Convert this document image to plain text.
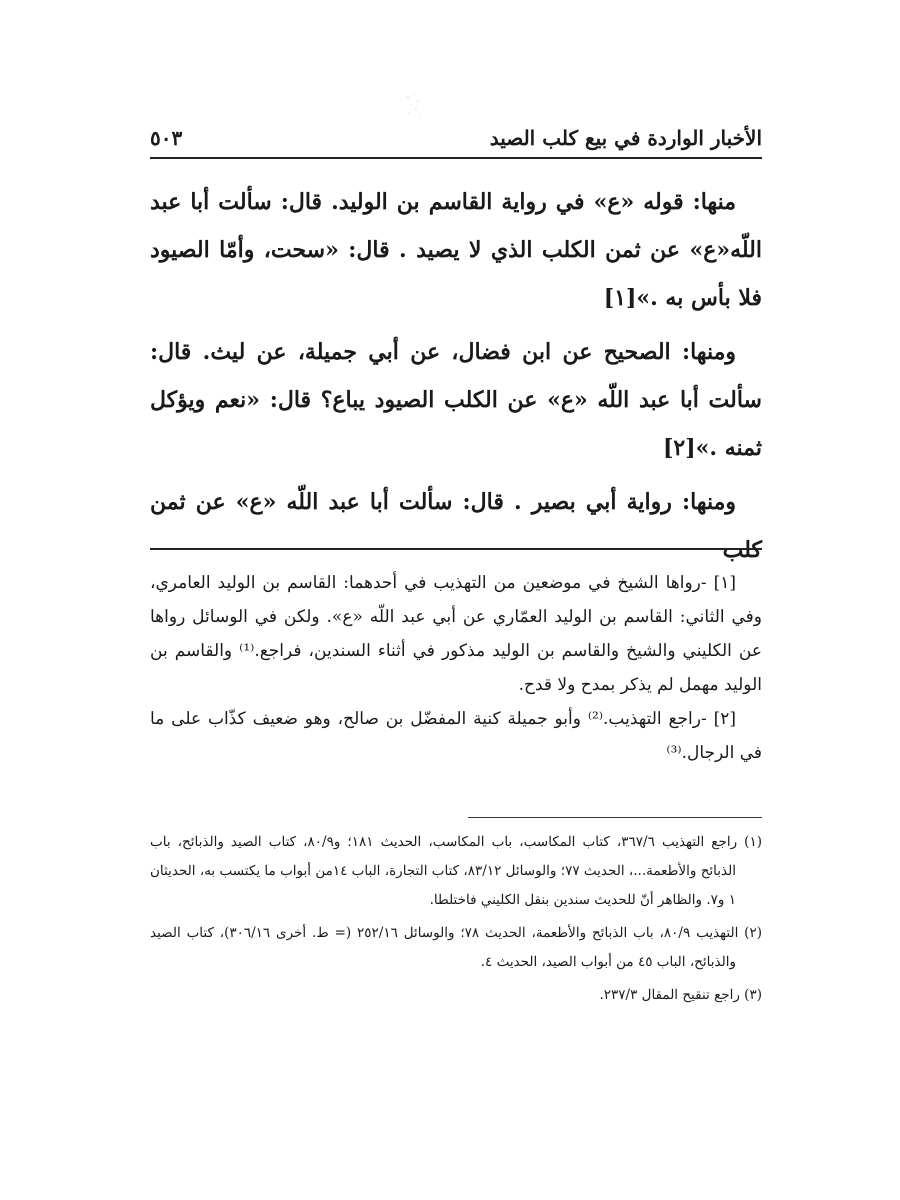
الأخبار الواردة في بيع كلب الصيد
٥٠٣

منها: قوله «ع» في رواية القاسم بن الوليد. قال: سألت أبا عبد اللّه«ع» عن ثمن الكلب الذي لا يصيد . قال: «سحت، وأمّا الصيود فلا بأس به .»[١]

ومنها: الصحيح عن ابن فضال، عن أبي جميلة، عن ليث. قال: سألت أبا عبد اللّه «ع» عن الكلب الصيود يباع؟ قال: «نعم ويؤكل ثمنه .»[٢]

ومنها: رواية أبي بصير . قال: سألت أبا عبد اللّه «ع» عن ثمن كلب

[١] -رواها الشيخ في موضعين من التهذيب في أحدهما: القاسم بن الوليد العامري، وفي الثاني: القاسم بن الوليد العمّاري عن أبي عبد اللّه «ع». ولكن في الوسائل رواها عن الكليني والشيخ والقاسم بن الوليد مذكور في أثناء السندين، فراجع.⁽¹⁾ والقاسم بن الوليد مهمل لم يذكر بمدح ولا قدح.

[٢] -راجع التهذيب.⁽²⁾ وأبو جميلة كنية المفضّل بن صالح، وهو ضعيف كذّاب على ما في الرجال.⁽³⁾

(١) راجع التهذيب ٣٦٧/٦، كتاب المكاسب، باب المكاسب، الحديث ١٨١؛ و٨٠/٩، كتاب الصيد والذبائح، باب الذبائح والأطعمة...، الحديث ٧٧؛ والوسائل ٨٣/١٢، كتاب التجارة، الباب ١٤من أبواب ما يكتسب به، الحديثان ١ و٧. والظاهر أنّ للحديث سندين بنقل الكليني فاختلطا.

(٢) التهذيب ٨٠/٩، باب الذبائح والأطعمة، الحديث ٧٨؛ والوسائل ٢٥٢/١٦ (= ط. أخرى ٣٠٦/١٦)، كتاب الصيد والذبائح، الباب ٤٥ من أبواب الصيد، الحديث ٤.

(٣) راجع تنقيح المقال ٢٣٧/٣.
